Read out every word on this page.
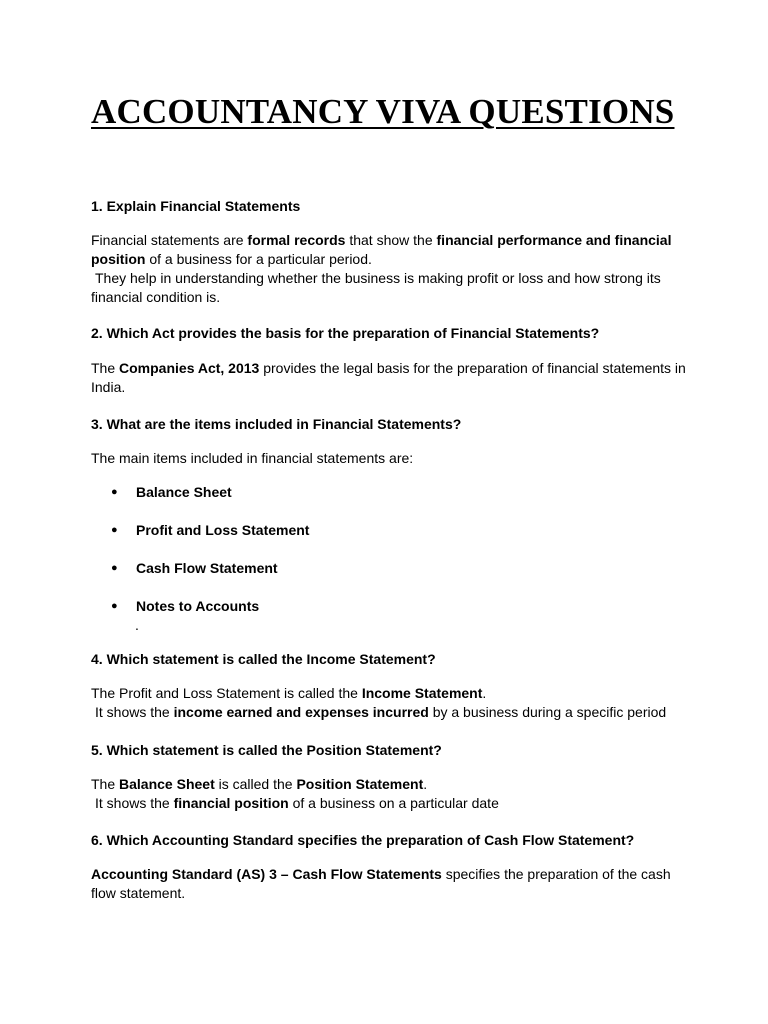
ACCOUNTANCY VIVA QUESTIONS

1. Explain Financial Statements

Financial statements are formal records that show the financial performance and financial position of a business for a particular period.
They help in understanding whether the business is making profit or loss and how strong its financial condition is.

2. Which Act provides the basis for the preparation of Financial Statements?

The Companies Act, 2013 provides the legal basis for the preparation of financial statements in India.

3. What are the items included in Financial Statements?

The main items included in financial statements are:

● Balance Sheet
● Profit and Loss Statement
● Cash Flow Statement
● Notes to Accounts
.

4. Which statement is called the Income Statement?

The Profit and Loss Statement is called the Income Statement.
It shows the income earned and expenses incurred by a business during a specific period

5. Which statement is called the Position Statement?

The Balance Sheet is called the Position Statement.
It shows the financial position of a business on a particular date

6. Which Accounting Standard specifies the preparation of Cash Flow Statement?

Accounting Standard (AS) 3 – Cash Flow Statements specifies the preparation of the cash flow statement.
